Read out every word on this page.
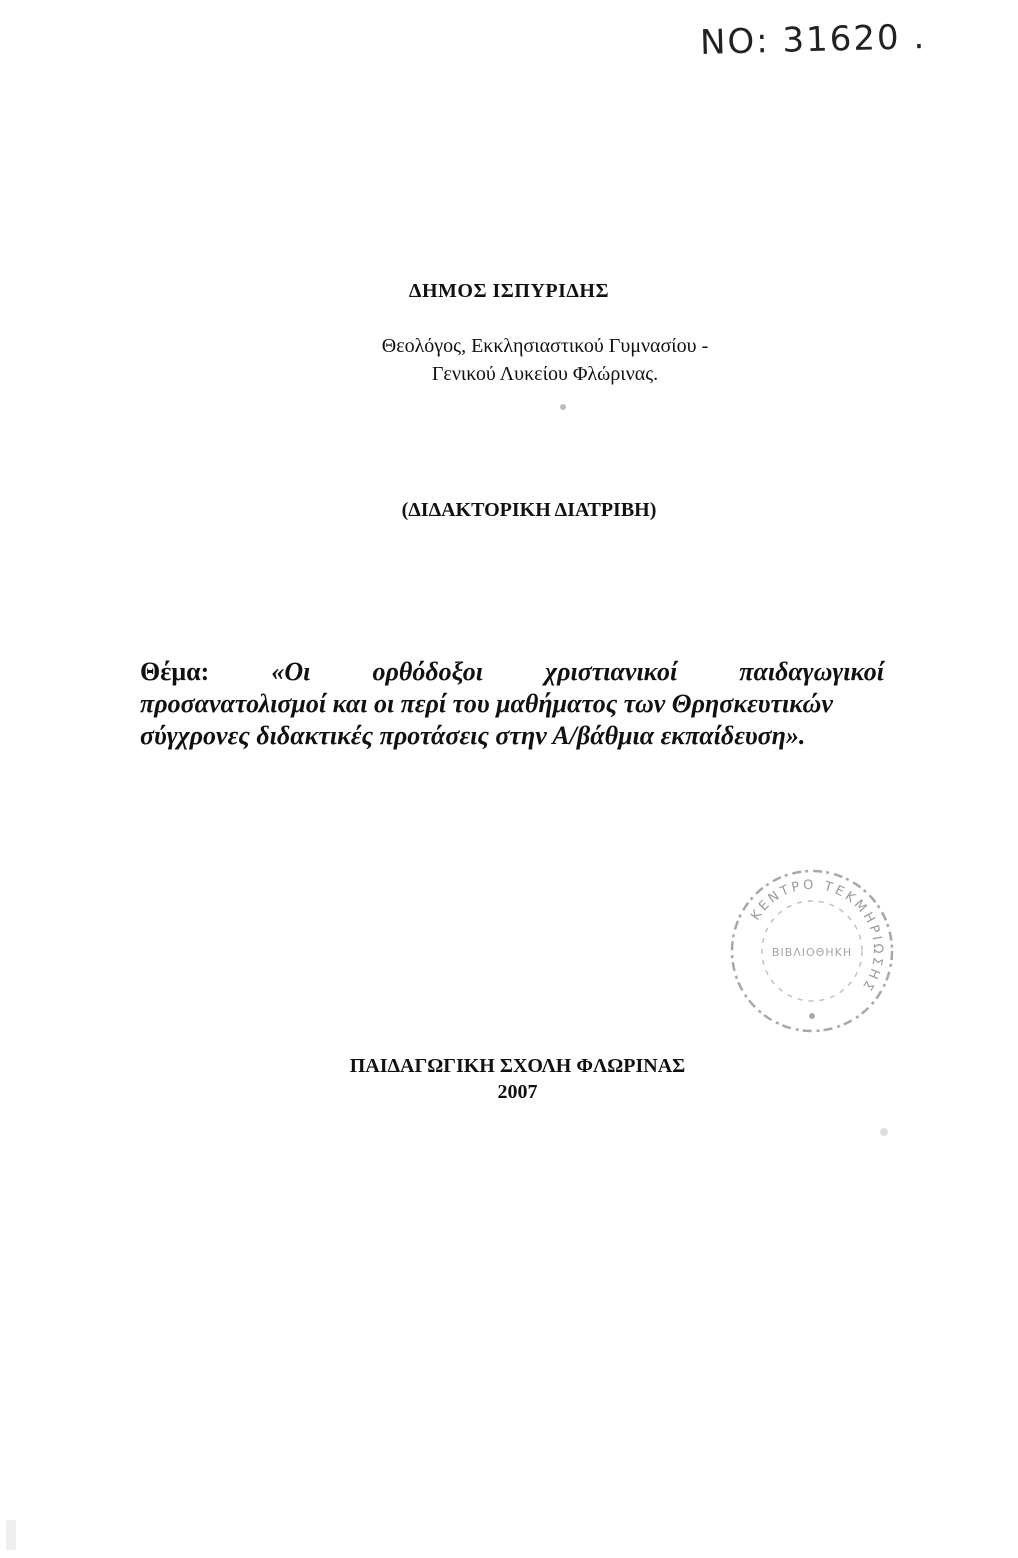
ΝΟ: 31620 .
ΔΗΜΟΣ ΙΣΠΥΡΙΔΗΣ
Θεολόγος, Εκκλησιαστικού Γυμνασίου -
Γενικού Λυκείου Φλώρινας.
(ΔΙΔΑΚΤΟΡΙΚΗ ΔΙΑΤΡΙΒΗ)
Θέμα: «Οι ορθόδοξοι χριστιανικοί παιδαγωγικοί
προσανατολισμοί και οι περί του μαθήματος των Θρησκευτικών
σύγχρονες διδακτικές προτάσεις στην Α/βάθμια εκπαίδευση».
ΚΕΝΤΡΟ ΤΕΚΜΗΡΙΩΣΗΣ
ΒΙΒΛΙΟΘΗΚΗ
ΠΑΙΔΑΓΩΓΙΚΗ ΣΧΟΛΗ ΦΛΩΡΙΝΑΣ
2007
